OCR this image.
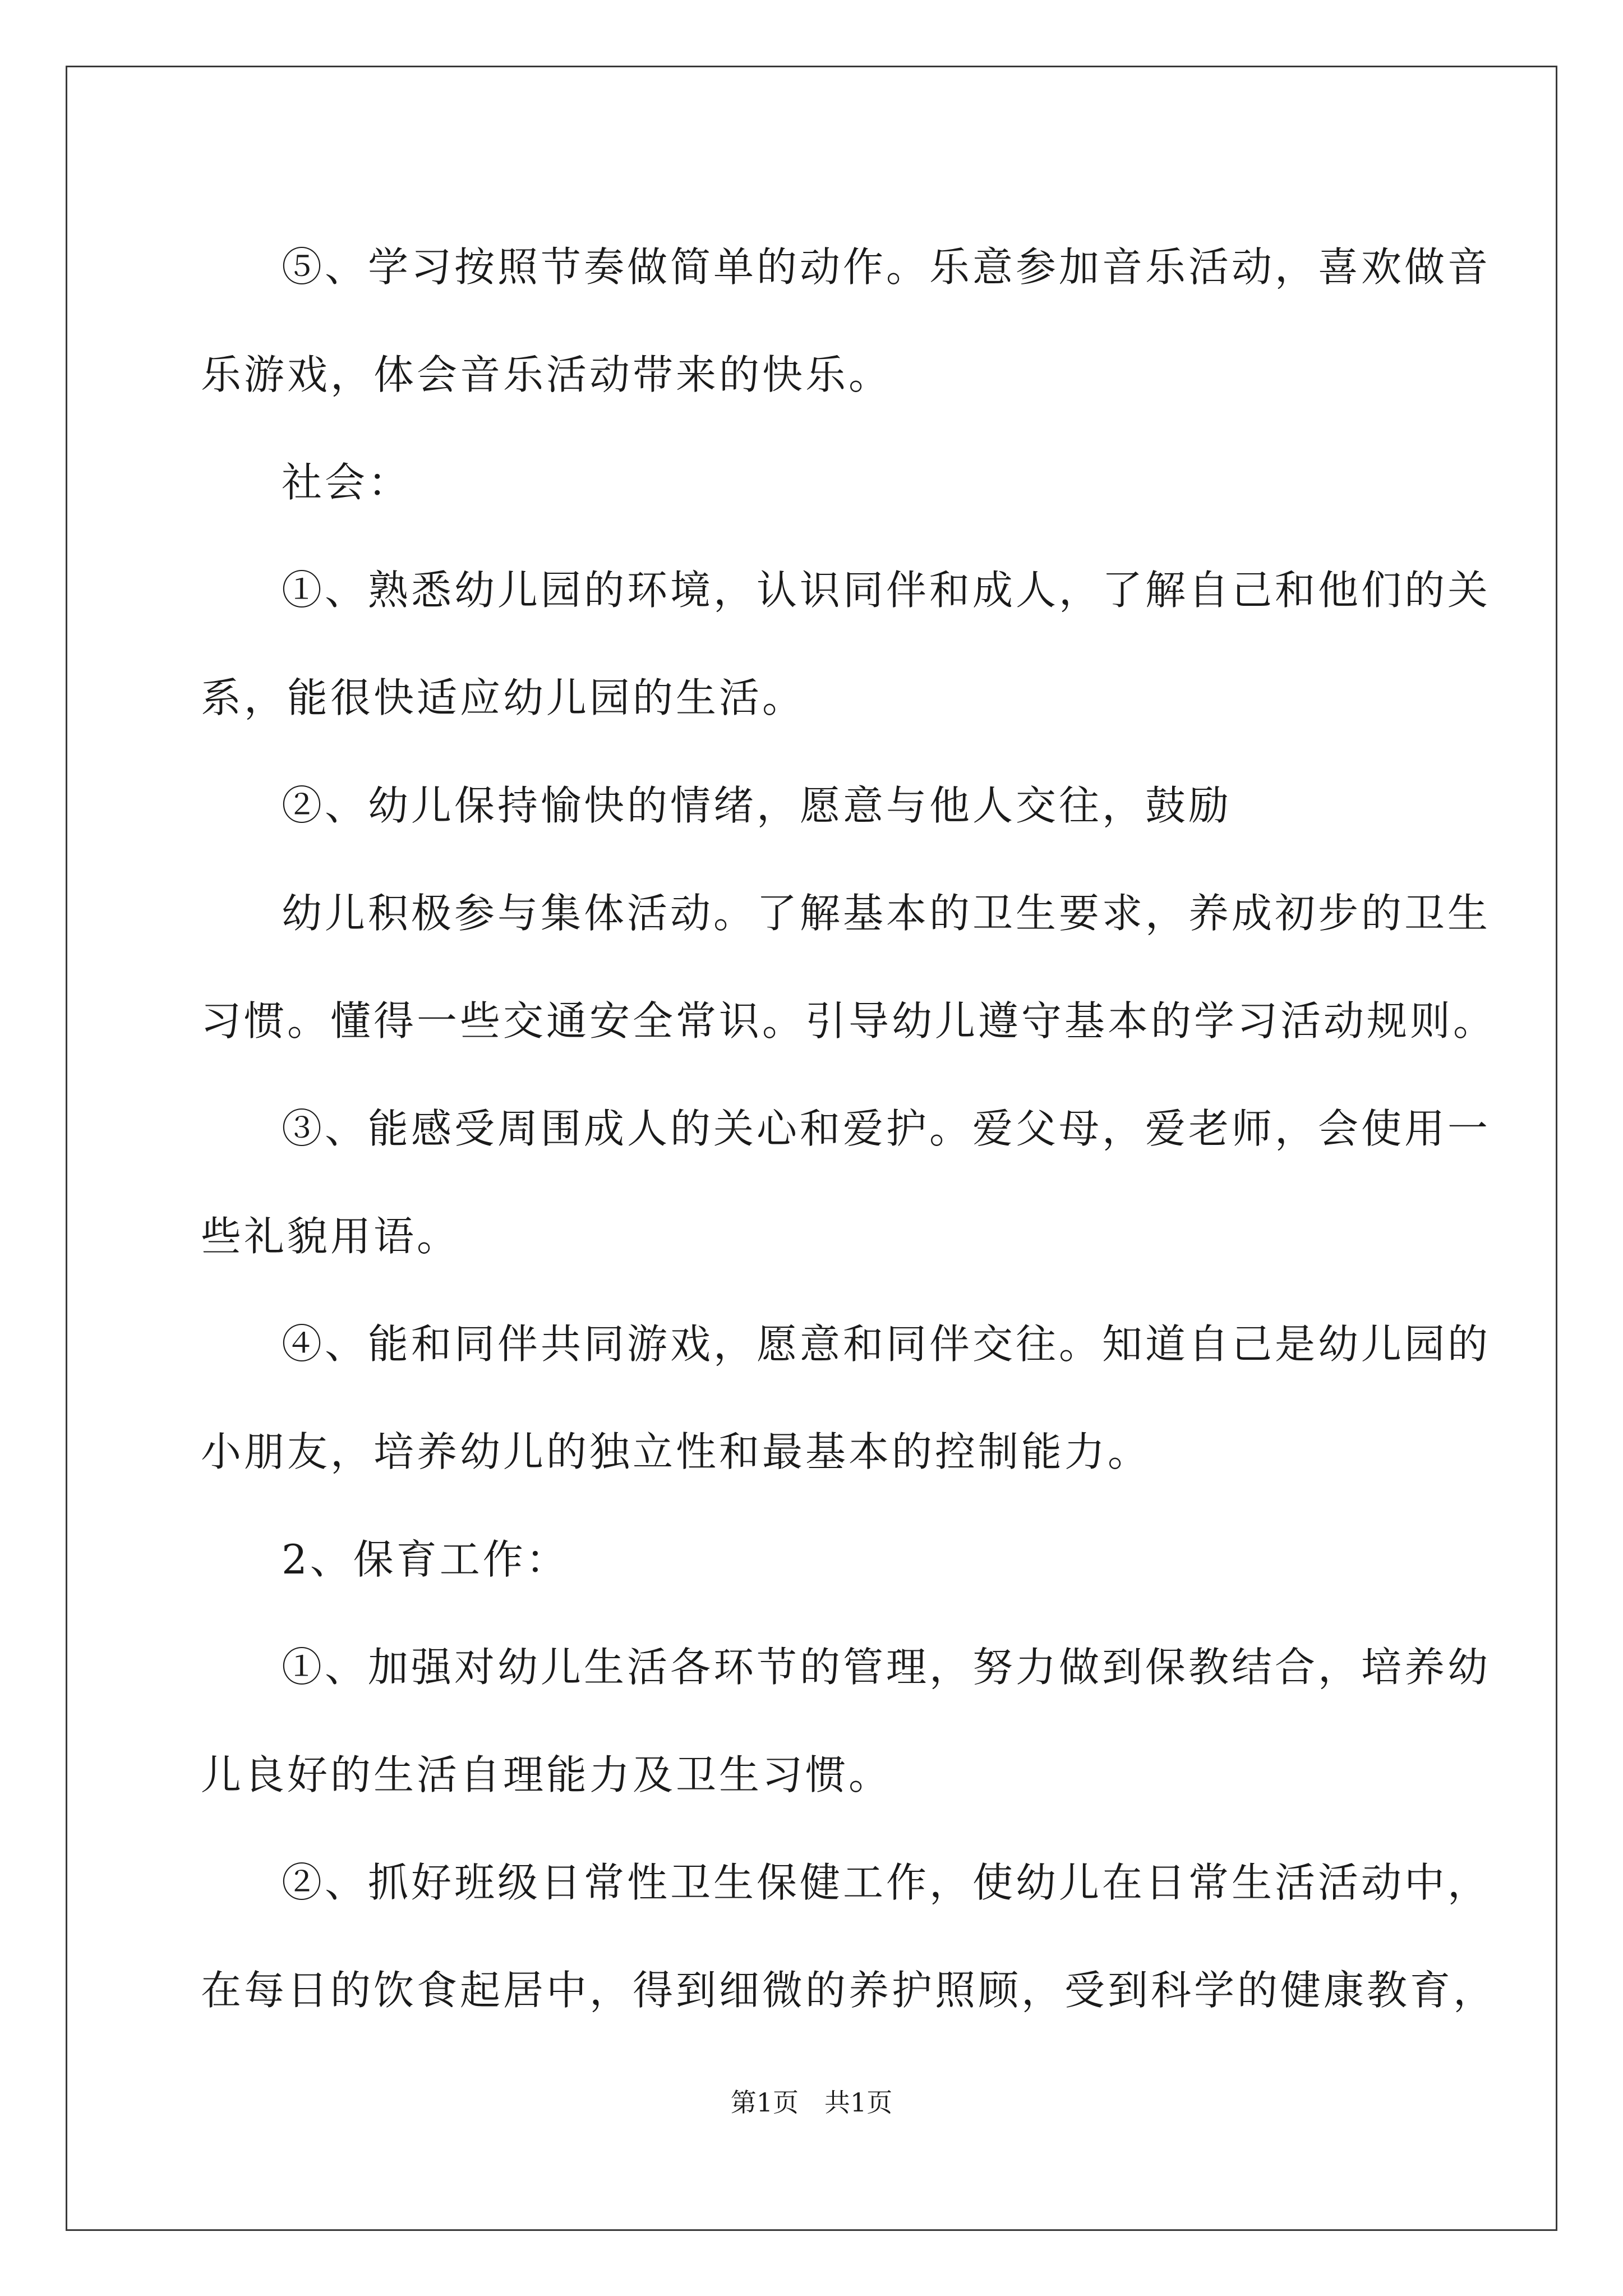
⑤、学习按照节奏做简单的动作。乐意参加音乐活动，喜欢做音

乐游戏，体会音乐活动带来的快乐。

社会：

①、熟悉幼儿园的环境，认识同伴和成人，了解自己和他们的关

系，能很快适应幼儿园的生活。

②、幼儿保持愉快的情绪，愿意与他人交往，鼓励

幼儿积极参与集体活动。了解基本的卫生要求，养成初步的卫生

习惯。懂得一些交通安全常识。引导幼儿遵守基本的学习活动规则。

③、能感受周围成人的关心和爱护。爱父母，爱老师，会使用一

些礼貌用语。

④、能和同伴共同游戏，愿意和同伴交往。知道自己是幼儿园的

小朋友，培养幼儿的独立性和最基本的控制能力。

2、保育工作：

①、加强对幼儿生活各环节的管理，努力做到保教结合，培养幼

儿良好的生活自理能力及卫生习惯。

②、抓好班级日常性卫生保健工作，使幼儿在日常生活活动中，

在每日的饮食起居中，得到细微的养护照顾，受到科学的健康教育，

第1页　共1页
